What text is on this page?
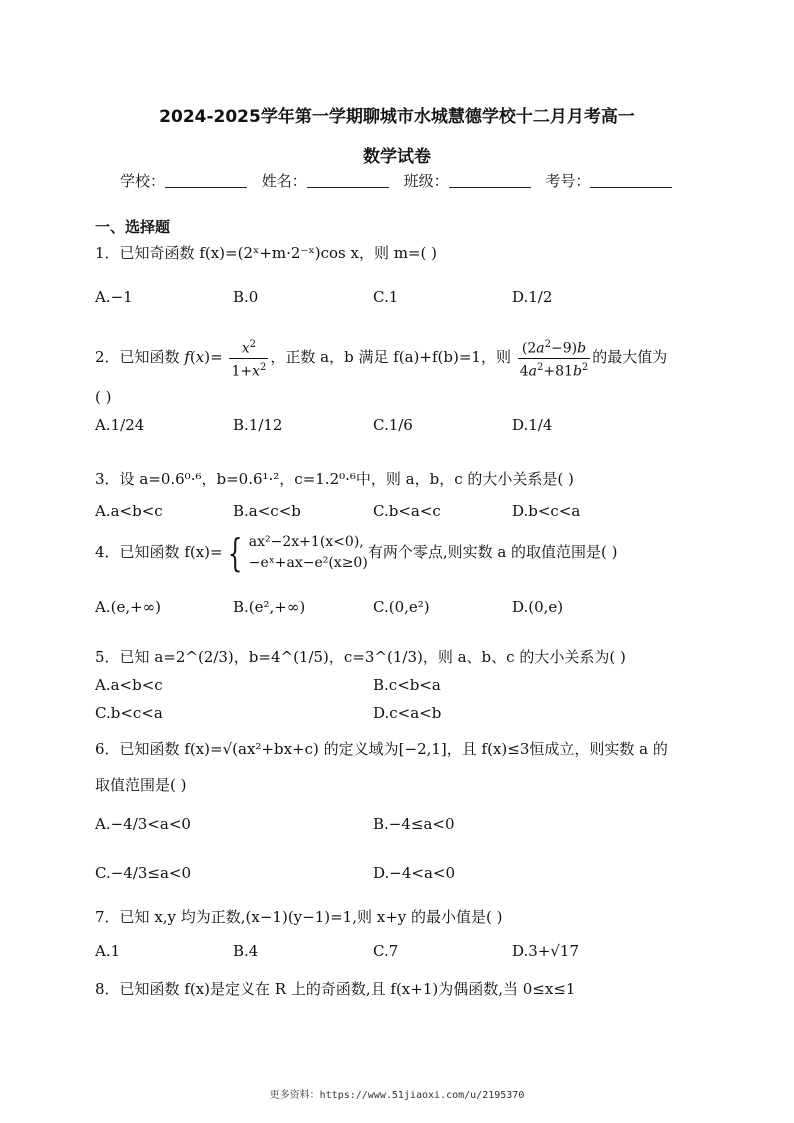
2024-2025学年第一学期聊城市水城慧德学校十二月月考高一
数学试卷
学校：	姓名：	班级：	考号：
一、选择题
1．已知奇函数 f(x)=(2ˣ+m·2⁻ˣ)cos x，则 m=( )
A.−1	B.0	C.1	D.1/2
2．已知函数 $f(x)= \frac{x^2}{1+x^2}$ ，正数 a，b 满足 f(a)+f(b)=1，则 $\frac{(2a^2-9)b}{4a^2+81b^2}$ 的最大值为
( )
A.1/24	B.1/12	C.1/6	D.1/4
3．设 a=0.6⁰·⁶，b=0.6¹·²，c=1.2⁰·⁶中，则 a，b，c 的大小关系是( )
A.a<b<c	B.a<c<b	C.b<a<c	D.b<c<a
4．已知函数 f(x)= { ax²−2x+1(x<0),
−eˣ+ax−e²(x≥0)
有两个零点,则实数 a 的取值范围是( )
A.(e,+∞)	B.(e²,+∞)	C.(0,e²)	D.(0,e)
5．已知 a=2^(2/3)，b=4^(1/5)，c=3^(1/3)，则 a、b、c 的大小关系为( )
A.a<b<c	B.c<b<a
C.b<c<a	D.c<a<b
6．已知函数 f(x)=√(ax²+bx+c) 的定义域为[−2,1]，且 f(x)≤3恒成立，则实数 a 的
取值范围是( )
A.−4/3<a<0	B.−4≤a<0
C.−4/3≤a<0	D.−4<a<0
7．已知 x,y 均为正数,(x−1)(y−1)=1,则 x+y 的最小值是( )
A.1	B.4	C.7	D.3+√17
8．已知函数 f(x)是定义在 R 上的奇函数,且 f(x+1)为偶函数,当 0≤x≤1
更多资料：https://www.51jiaoxi.com/u/2195370
